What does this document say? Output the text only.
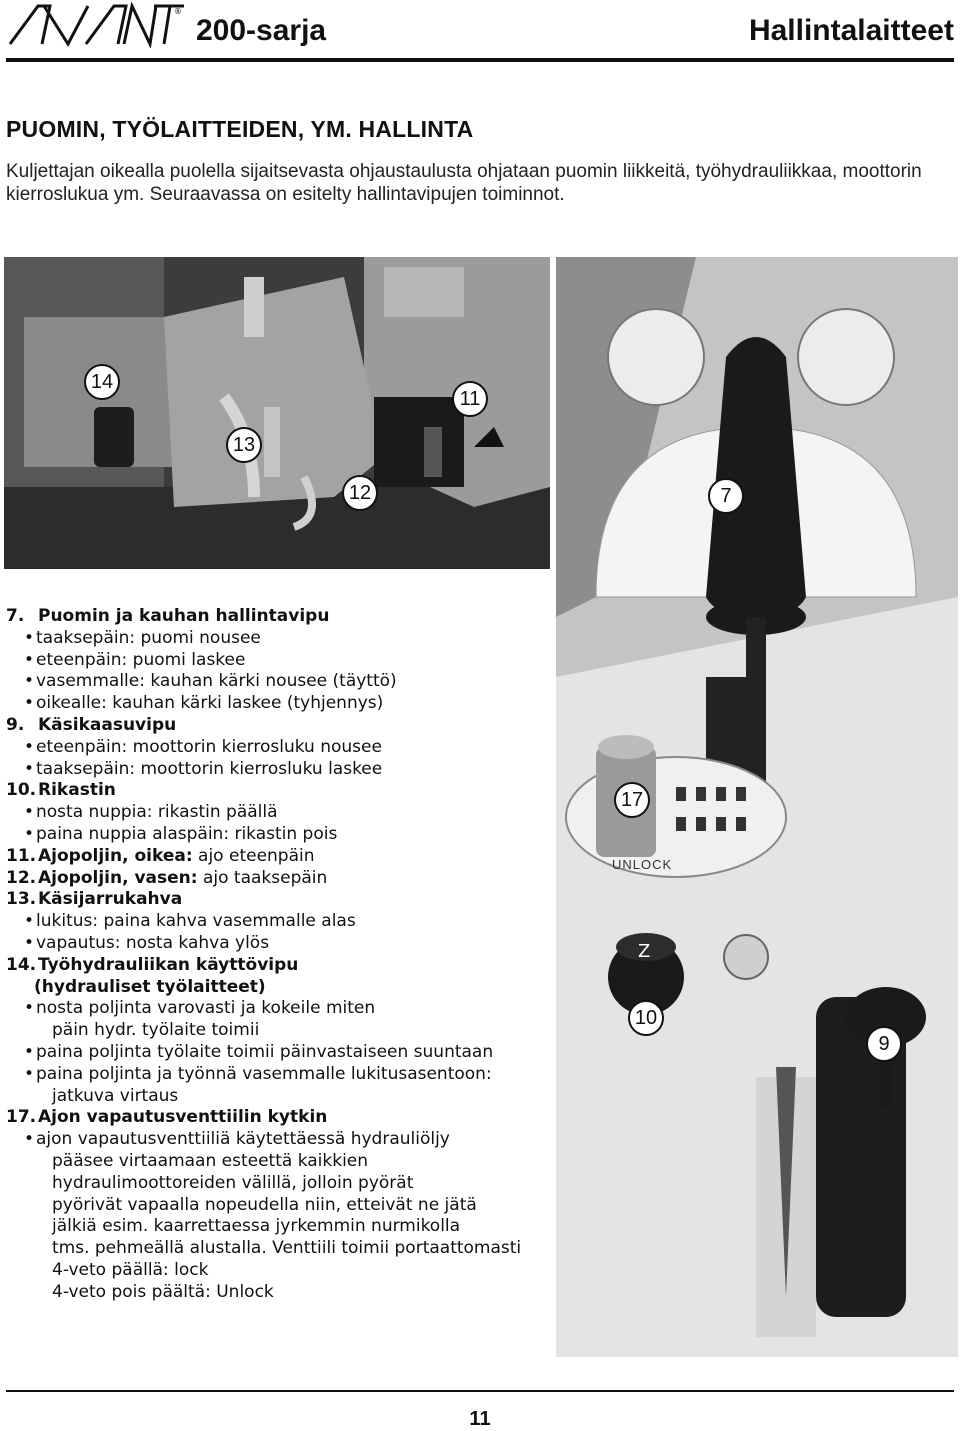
®
200-sarja	Hallintalaitteet
PUOMIN, TYÖLAITTEIDEN, YM. HALLINTA
Kuljettajan oikealla puolella sijaitsevasta ohjaustaulusta ohjataan puomin liikkeitä, työhydrauliikkaa, moottorin kierroslukua ym. Seuraavassa on esitelty hallintavipujen toiminnot.
14
11
13
12
Z
7
17
10
9
UNLOCK
7. Puomin ja kauhan hallintavipu
• taaksepäin: puomi nousee
• eteenpäin: puomi laskee
• vasemmalle: kauhan kärki nousee (täyttö)
• oikealle: kauhan kärki laskee (tyhjennys)
9. Käsikaasuvipu
• eteenpäin: moottorin kierrosluku nousee
• taaksepäin: moottorin kierrosluku laskee
10. Rikastin
• nosta nuppia: rikastin päällä
• paina nuppia alaspäin: rikastin pois
11. Ajopoljin, oikea: ajo eteenpäin
12. Ajopoljin, vasen: ajo taaksepäin
13. Käsijarrukahva
• lukitus: paina kahva vasemmalle alas
• vapautus: nosta kahva ylös
14. Työhydrauliikan käyttövipu
(hydrauliset työlaitteet)
• nosta poljinta varovasti ja kokeile miten
päin hydr. työlaite toimii
• paina poljinta työlaite toimii päinvastaiseen suuntaan
• paina poljinta ja työnnä vasemmalle lukitusasentoon:
jatkuva virtaus
17. Ajon vapautusventtiilin kytkin
• ajon vapautusventtiiliä käytettäessä hydrauliöljy
pääsee virtaamaan esteettä kaikkien
hydraulimoottoreiden välillä, jolloin pyörät
pyörivät vapaalla nopeudella niin, etteivät ne jätä
jälkiä esim. kaarrettaessa jyrkemmin nurmikolla
tms. pehmeällä alustalla. Venttiili toimii portaattomasti
4-veto päällä: lock
4-veto pois päältä: Unlock
11
